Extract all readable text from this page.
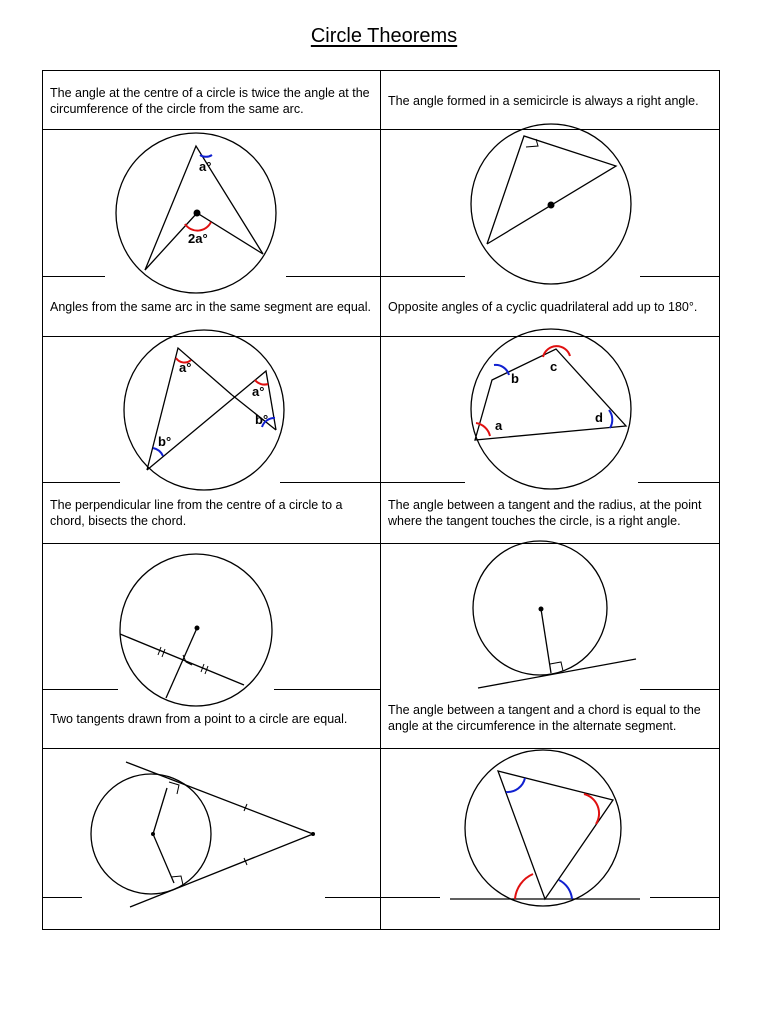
Circle Theorems
The angle at the centre of a circle is twice the angle at the circumference of the circle from the same arc.
The angle formed in a semicircle is always a right angle.
Angles from the same arc in the same segment are equal. Opposite angles of a cyclic quadrilateral add up to 180°.
The perpendicular line from the centre of a circle to a chord, bisects the chord.
The angle between a tangent and the radius, at the point where the tangent touches the circle, is a right angle.
Two tangents drawn from a point to a circle are equal.
The angle between a tangent and a chord is equal to the angle at the circumference in the alternate segment.
a°
2a°
a°
a°
b°
b°	a
b
c
d
